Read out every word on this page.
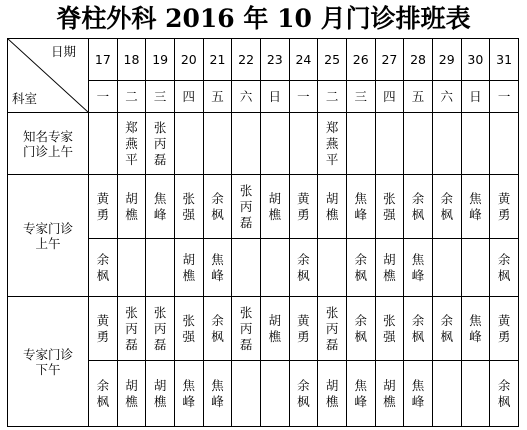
脊柱外科 2016 年 10 月门诊排班表
日期
科室	17	18	19	20	21	22	23	24	25	26	27	28	29	30	31
	一	二	三	四	五	六	日	一	二	三	四	五	六	日	一
知名专家门诊上午		郑燕平	张丙磊						郑燕平						
专家门诊上午	黄勇	胡樵	焦峰	张强	余枫	张丙磊	胡樵	黄勇	胡樵	焦峰	张强	余枫	余枫	焦峰	黄勇
	余枫			胡樵	焦峰			余枫		余枫	胡樵	焦峰			余枫
专家门诊下午	黄勇	张丙磊	张丙磊	张强	余枫	张丙磊	胡樵	黄勇	张丙磊	余枫	张强	余枫	余枫	焦峰	黄勇
	余枫	胡樵	胡樵	焦峰	焦峰			余枫	胡樵	焦峰	胡樵	焦峰			余枫
